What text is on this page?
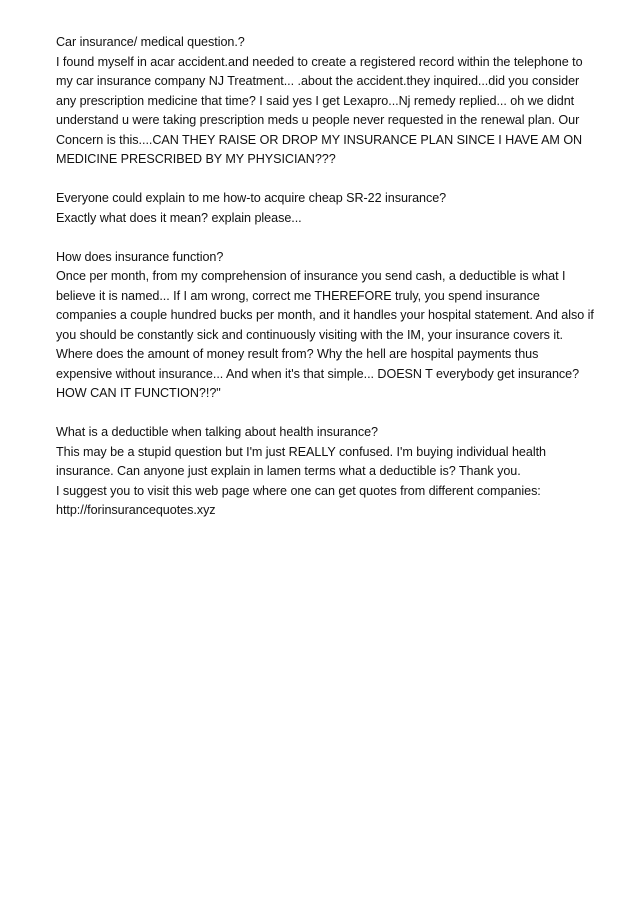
Car insurance/ medical question.?

I found myself in acar accident.and needed to create a registered record within the telephone to my car insurance company NJ Treatment... .about the accident.they inquired...did you consider any prescription medicine that time? I said yes I get Lexapro...Nj remedy replied... oh we didnt understand u were taking prescription meds u people never requested in the renewal plan. Our Concern is this....CAN THEY RAISE OR DROP MY INSURANCE PLAN SINCE I HAVE AM ON MEDICINE PRESCRIBED BY MY PHYSICIAN???

Everyone could explain to me how-to acquire cheap SR-22 insurance?

Exactly what does it mean? explain please...

How does insurance function?

Once per month, from my comprehension of insurance you send cash, a deductible is what I believe it is named... If I am wrong, correct me THEREFORE truly, you spend insurance companies a couple hundred bucks per month, and it handles your hospital statement. And also if you should be constantly sick and continuously visiting with the IM, your insurance covers it. Where does the amount of money result from? Why the hell are hospital payments thus expensive without insurance... And when it's that simple... DOESN T everybody get insurance? HOW CAN IT FUNCTION?!?"

What is a deductible when talking about health insurance?

This may be a stupid question but I'm just REALLY confused. I'm buying individual health insurance. Can anyone just explain in lamen terms what a deductible is? Thank you.

I suggest you to visit this web page where one can get quotes from different companies:

http://forinsurancequotes.xyz
